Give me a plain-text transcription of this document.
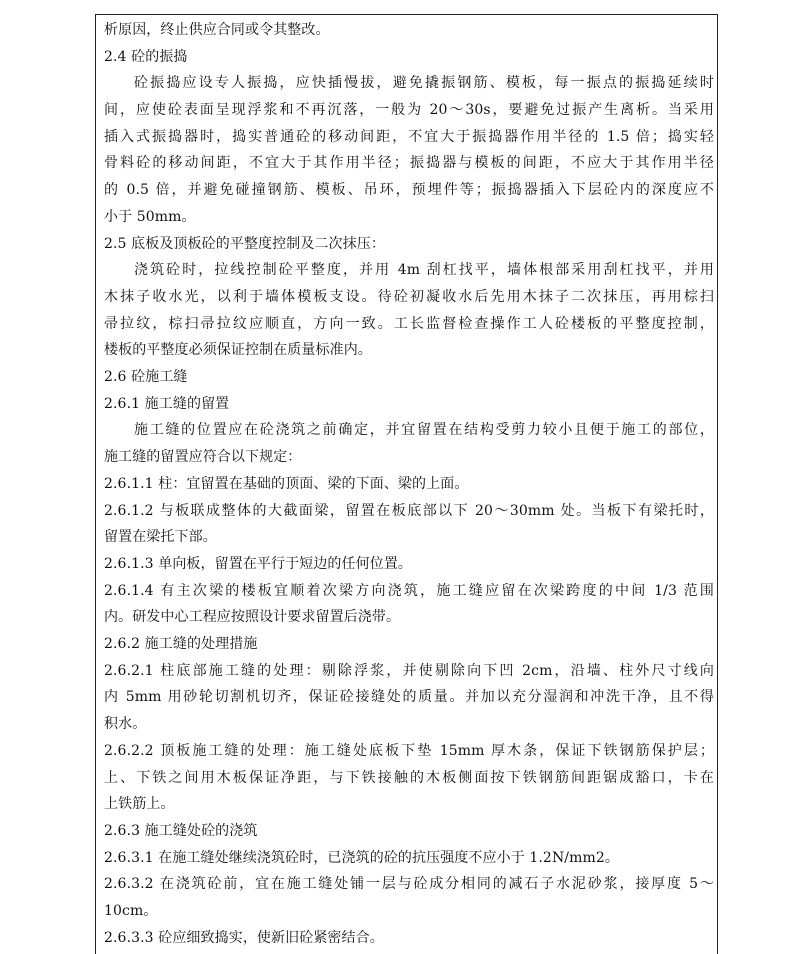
析原因，终止供应合同或令其整改。
2.4 砼的振捣
砼振捣应设专人振捣，应快插慢拔，避免撬振钢筋、模板，每一振点的振捣延续时
间，应使砼表面呈现浮浆和不再沉落，一般为 20～30s，要避免过振产生离析。当采用
插入式振捣器时，捣实普通砼的移动间距，不宜大于振捣器作用半径的 1.5 倍；捣实轻
骨料砼的移动间距，不宜大于其作用半径；振捣器与模板的间距，不应大于其作用半径
的 0.5 倍，并避免碰撞钢筋、模板、吊环，预埋件等；振捣器插入下层砼内的深度应不
小于 50mm。
2.5 底板及顶板砼的平整度控制及二次抹压：
浇筑砼时，拉线控制砼平整度，并用 4m 刮杠找平，墙体根部采用刮杠找平，并用
木抹子收水光，以利于墙体模板支设。待砼初凝收水后先用木抹子二次抹压，再用棕扫
帚拉纹，棕扫帚拉纹应顺直，方向一致。工长监督检查操作工人砼楼板的平整度控制，
楼板的平整度必须保证控制在质量标准内。
2.6 砼施工缝
2.6.1 施工缝的留置
施工缝的位置应在砼浇筑之前确定，并宜留置在结构受剪力较小且便于施工的部位，
施工缝的留置应符合以下规定：
2.6.1.1 柱：宜留置在基础的顶面、梁的下面、梁的上面。
2.6.1.2 与板联成整体的大截面梁，留置在板底部以下 20～30mm 处。当板下有梁托时，
留置在梁托下部。
2.6.1.3 单向板，留置在平行于短边的任何位置。
2.6.1.4 有主次梁的楼板宜顺着次梁方向浇筑，施工缝应留在次梁跨度的中间 1/3 范围
内。研发中心工程应按照设计要求留置后浇带。
2.6.2 施工缝的处理措施
2.6.2.1 柱底部施工缝的处理：剔除浮浆，并使剔除向下凹 2cm，沿墙、柱外尺寸线向
内 5mm 用砂轮切割机切齐，保证砼接缝处的质量。并加以充分湿润和冲洗干净，且不得
积水。
2.6.2.2 顶板施工缝的处理：施工缝处底板下垫 15mm 厚木条，保证下铁钢筋保护层；
上、下铁之间用木板保证净距，与下铁接触的木板侧面按下铁钢筋间距锯成豁口，卡在
上铁筋上。
2.6.3 施工缝处砼的浇筑
2.6.3.1 在施工缝处继续浇筑砼时，已浇筑的砼的抗压强度不应小于 1.2N/mm2。
2.6.3.2 在浇筑砼前，宜在施工缝处铺一层与砼成分相同的减石子水泥砂浆，接厚度 5～
10cm。
2.6.3.3 砼应细致捣实，使新旧砼紧密结合。
